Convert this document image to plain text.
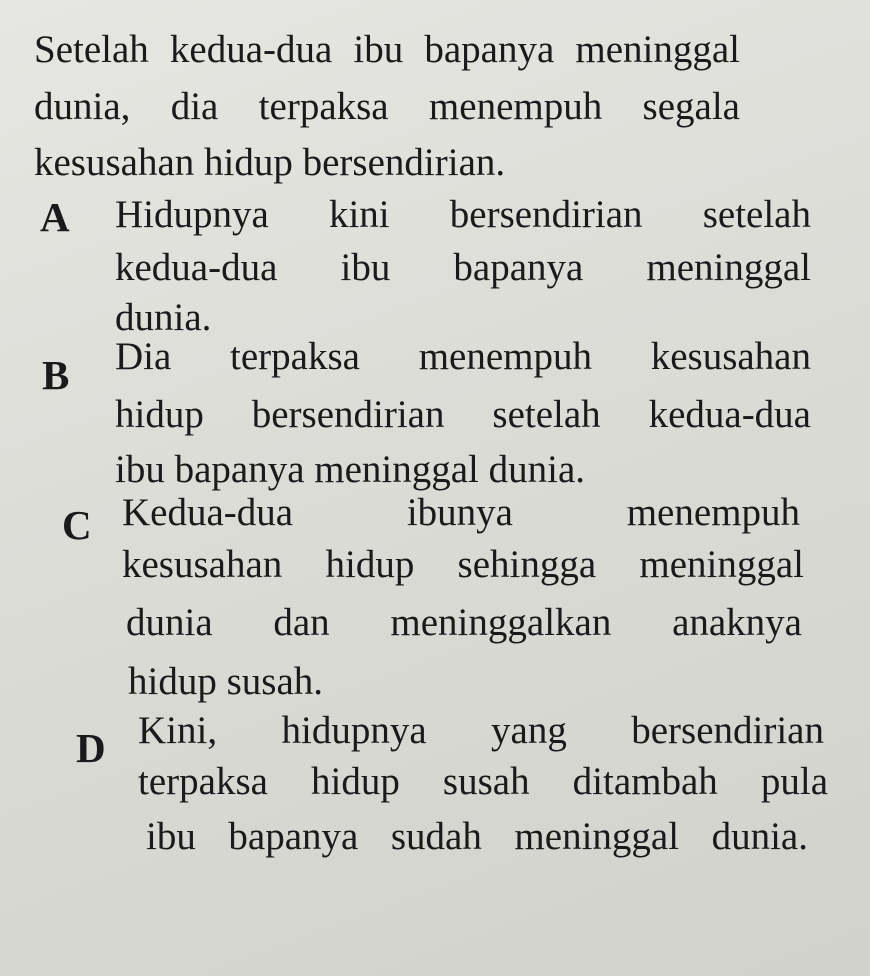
Setelah kedua-dua ibu bapanya meninggal
dunia, dia terpaksa menempuh segala
kesusahan hidup bersendirian.
A Hidupnya kini bersendirian setelah
kedua-dua ibu bapanya meninggal
dunia.
B Dia terpaksa menempuh kesusahan
hidup bersendirian setelah kedua-dua
ibu bapanya meninggal dunia.
C Kedua-dua ibunya menempuh
kesusahan hidup sehingga meninggal
dunia dan meninggalkan anaknya
hidup susah.
D Kini, hidupnya yang bersendirian
terpaksa hidup susah ditambah pula
ibu bapanya sudah meninggal dunia.
